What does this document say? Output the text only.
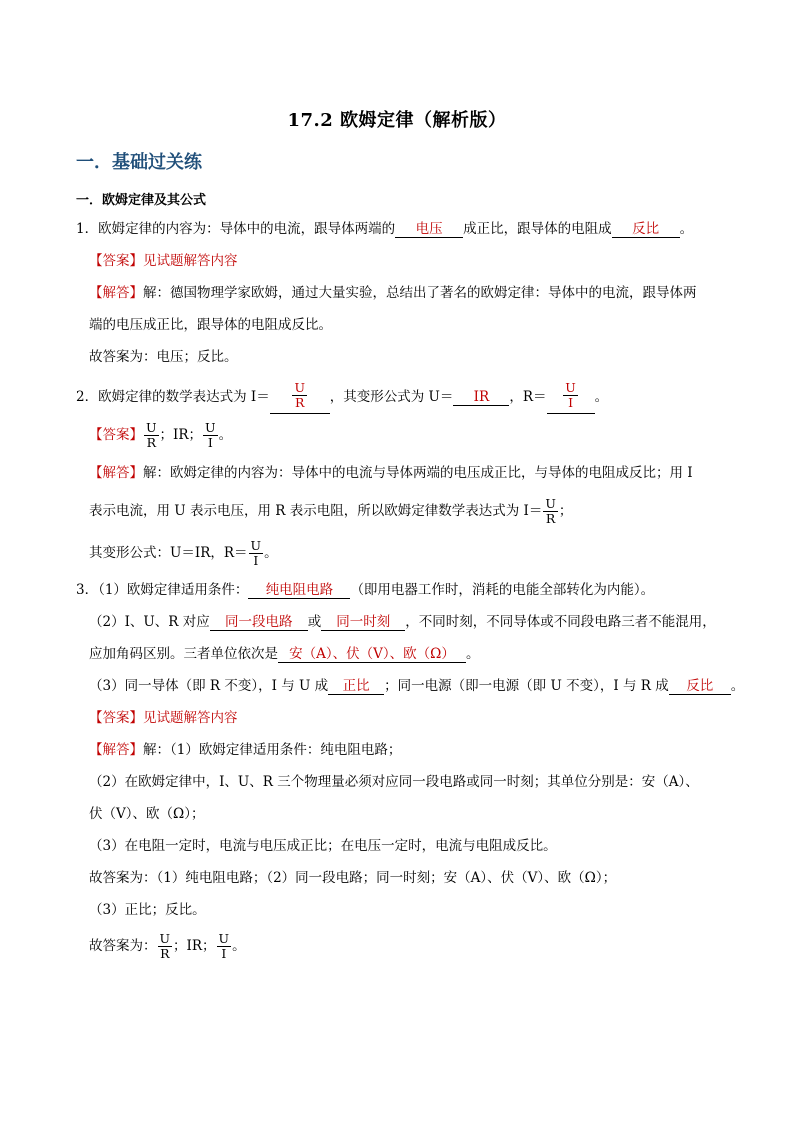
17.2 欧姆定律（解析版）
一．基础过关练
一．欧姆定律及其公式
1．欧姆定律的内容为：导体中的电流，跟导体两端的 电压 成正比，跟导体的电阻成 反比 。
【答案】见试题解答内容
【解答】解：德国物理学家欧姆，通过大量实验，总结出了著名的欧姆定律：导体中的电流，跟导体两
端的电压成正比，跟导体的电阻成反比。
故答案为：电压；反比。
2．欧姆定律的数学表达式为 $I= \frac{U}{R}$ ，其变形公式为 U＝ IR ，$R= \frac{U}{I}$ 。
【答案】 $\frac{U}{R}$ ；IR； $\frac{U}{I}$ 。
【解答】解：欧姆定律的内容为：导体中的电流与导体两端的电压成正比，与导体的电阻成反比；用 I
表示电流，用 U 表示电压，用 R 表示电阻，所以欧姆定律数学表达式为 $I= \frac{U}{R}$ ；
其变形公式：U＝IR，$R= \frac{U}{I}$ 。
3．（1）欧姆定律适用条件： 纯电阻电路 （即用电器工作时，消耗的电能全部转化为内能）。
（2）I、U、R 对应 同一段电路 或 同一时刻 ，不同时刻，不同导体或不同段电路三者不能混用，
应加角码区别。三者单位依次是 安（A）、伏（V）、欧（Ω） 。
（3）同一导体（即 R 不变），I 与 U 成 正比 ；同一电源（即一电源（即 U 不变），I 与 R 成 反比 。
【答案】见试题解答内容
【解答】解：（1）欧姆定律适用条件：纯电阻电路；
（2）在欧姆定律中，I、U、R 三个物理量必须对应同一段电路或同一时刻；其单位分别是：安（A）、
伏（V）、欧（Ω）；
（3）在电阻一定时，电流与电压成正比；在电压一定时，电流与电阻成反比。
故答案为：（1）纯电阻电路；（2）同一段电路；同一时刻；安（A）、伏（V）、欧（Ω）；
（3）正比；反比。
故答案为： $\frac{U}{R}$ ；IR； $\frac{U}{I}$ 。
